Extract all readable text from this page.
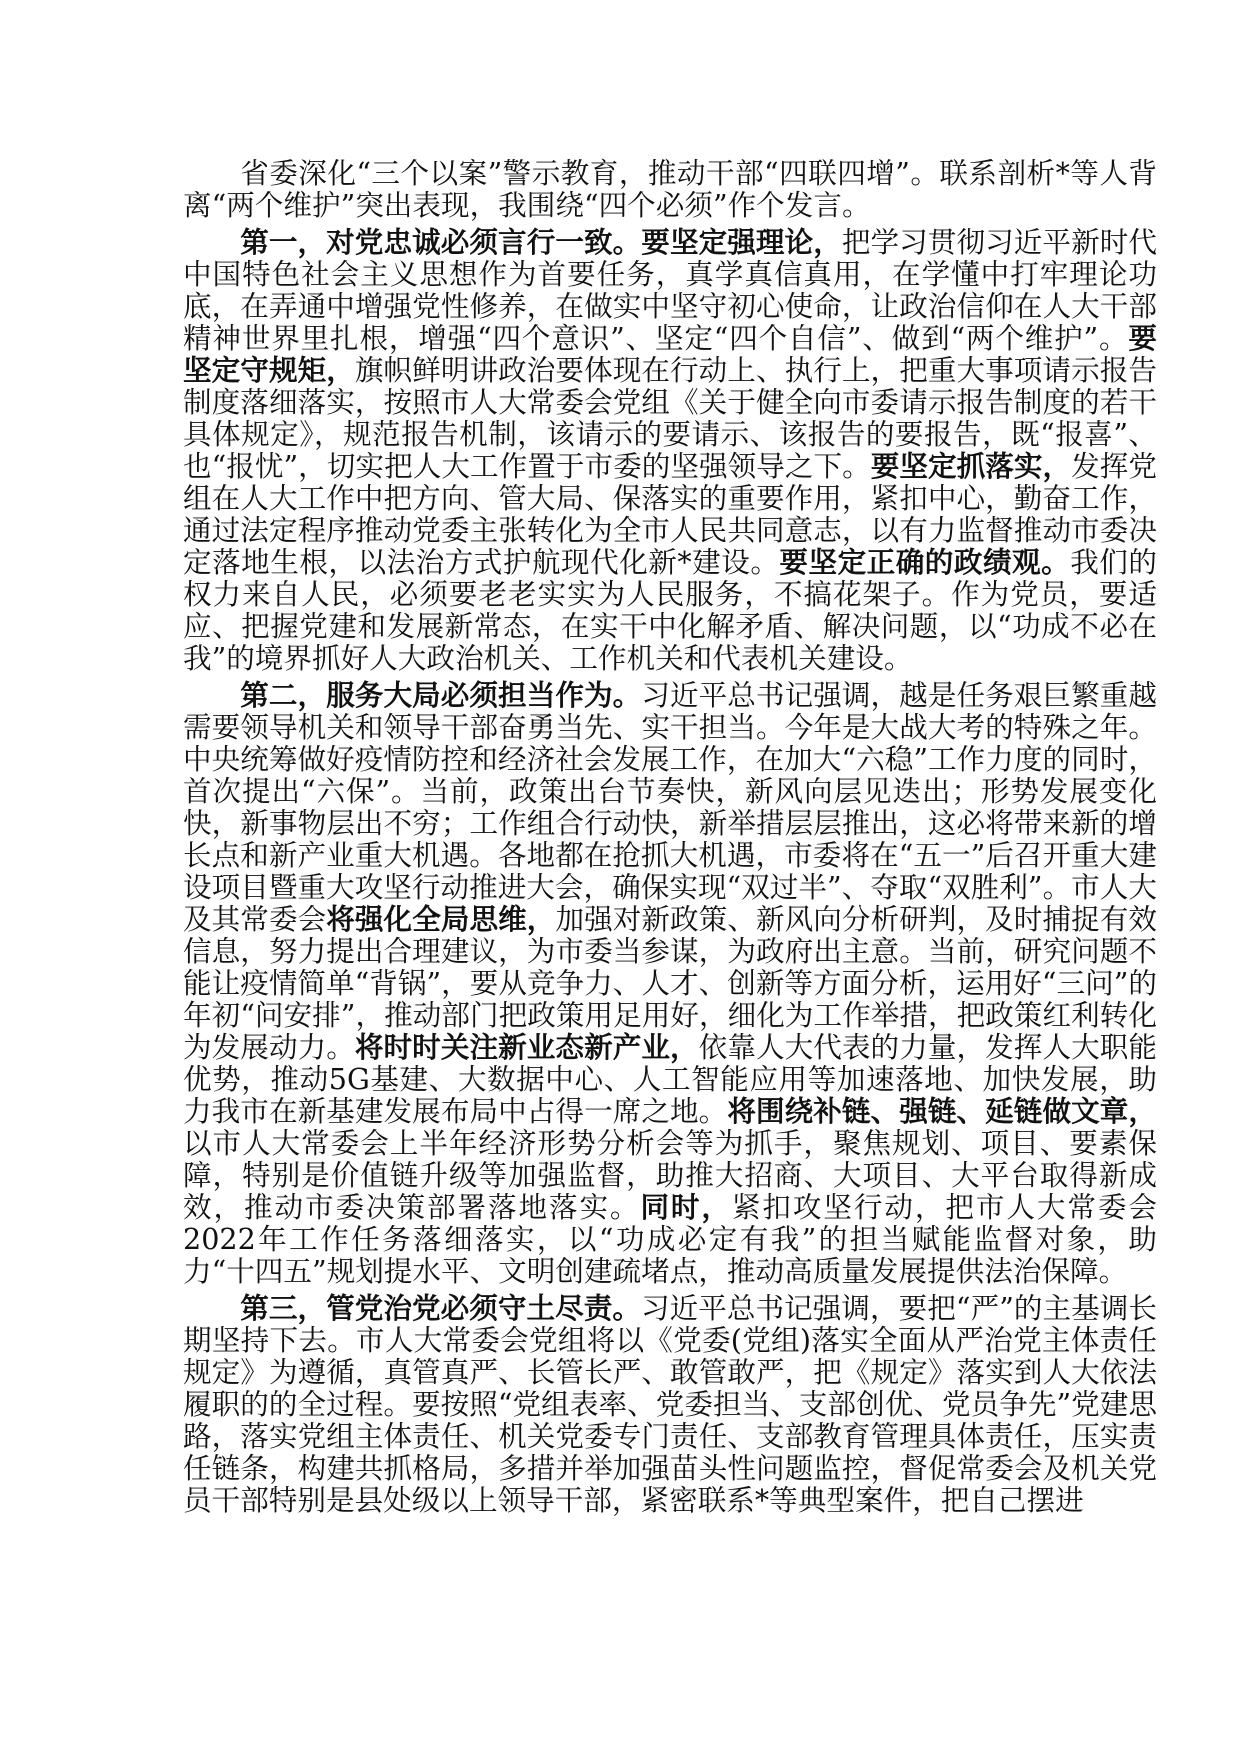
省委深化“三个以案”警示教育，推动干部“四联四增”。联系剖析*等人背离“两个维护”突出表现，我围绕“四个必须”作个发言。

第一，对党忠诚必须言行一致。要坚定强理论，把学习贯彻习近平新时代中国特色社会主义思想作为首要任务，真学真信真用，在学懂中打牢理论功底，在弄通中增强党性修养，在做实中坚守初心使命，让政治信仰在人大干部精神世界里扎根，增强“四个意识”、坚定“四个自信”、做到“两个维护”。要坚定守规矩，旗帜鲜明讲政治要体现在行动上、执行上，把重大事项请示报告制度落细落实，按照市人大常委会党组《关于健全向市委请示报告制度的若干具体规定》，规范报告机制，该请示的要请示、该报告的要报告，既“报喜”、也“报忧”，切实把人大工作置于市委的坚强领导之下。要坚定抓落实，发挥党组在人大工作中把方向、管大局、保落实的重要作用，紧扣中心，勤奋工作，通过法定程序推动党委主张转化为全市人民共同意志，以有力监督推动市委决定落地生根，以法治方式护航现代化新*建设。要坚定正确的政绩观。我们的权力来自人民，必须要老老实实为人民服务，不搞花架子。作为党员，要适应、把握党建和发展新常态，在实干中化解矛盾、解决问题，以“功成不必在我”的境界抓好人大政治机关、工作机关和代表机关建设。

第二，服务大局必须担当作为。习近平总书记强调，越是任务艰巨繁重越需要领导机关和领导干部奋勇当先、实干担当。今年是大战大考的特殊之年。中央统筹做好疫情防控和经济社会发展工作，在加大“六稳”工作力度的同时，首次提出“六保”。当前，政策出台节奏快，新风向层见迭出；形势发展变化快，新事物层出不穷；工作组合行动快，新举措层层推出，这必将带来新的增长点和新产业重大机遇。各地都在抢抓大机遇，市委将在“五一”后召开重大建设项目暨重大攻坚行动推进大会，确保实现“双过半”、夺取“双胜利”。市人大及其常委会将强化全局思维，加强对新政策、新风向分析研判，及时捕捉有效信息，努力提出合理建议，为市委当参谋，为政府出主意。当前，研究问题不能让疫情简单“背锅”，要从竞争力、人才、创新等方面分析，运用好“三问”的年初“问安排”，推动部门把政策用足用好，细化为工作举措，把政策红利转化为发展动力。将时时关注新业态新产业，依靠人大代表的力量，发挥人大职能优势，推动5G基建、大数据中心、人工智能应用等加速落地、加快发展，助力我市在新基建发展布局中占得一席之地。将围绕补链、强链、延链做文章，以市人大常委会上半年经济形势分析会等为抓手，聚焦规划、项目、要素保障，特别是价值链升级等加强监督，助推大招商、大项目、大平台取得新成效，推动市委决策部署落地落实。同时，紧扣攻坚行动，把市人大常委会2022年工作任务落细落实，以“功成必定有我”的担当赋能监督对象，助力“十四五”规划提水平、文明创建疏堵点，推动高质量发展提供法治保障。

第三，管党治党必须守土尽责。习近平总书记强调，要把“严”的主基调长期坚持下去。市人大常委会党组将以《党委(党组)落实全面从严治党主体责任规定》为遵循，真管真严、长管长严、敢管敢严，把《规定》落实到人大依法履职的的全过程。要按照“党组表率、党委担当、支部创优、党员争先”党建思路，落实党组主体责任、机关党委专门责任、支部教育管理具体责任，压实责任链条，构建共抓格局，多措并举加强苗头性问题监控，督促常委会及机关党员干部特别是县处级以上领导干部，紧密联系*等典型案件，把自己摆进
